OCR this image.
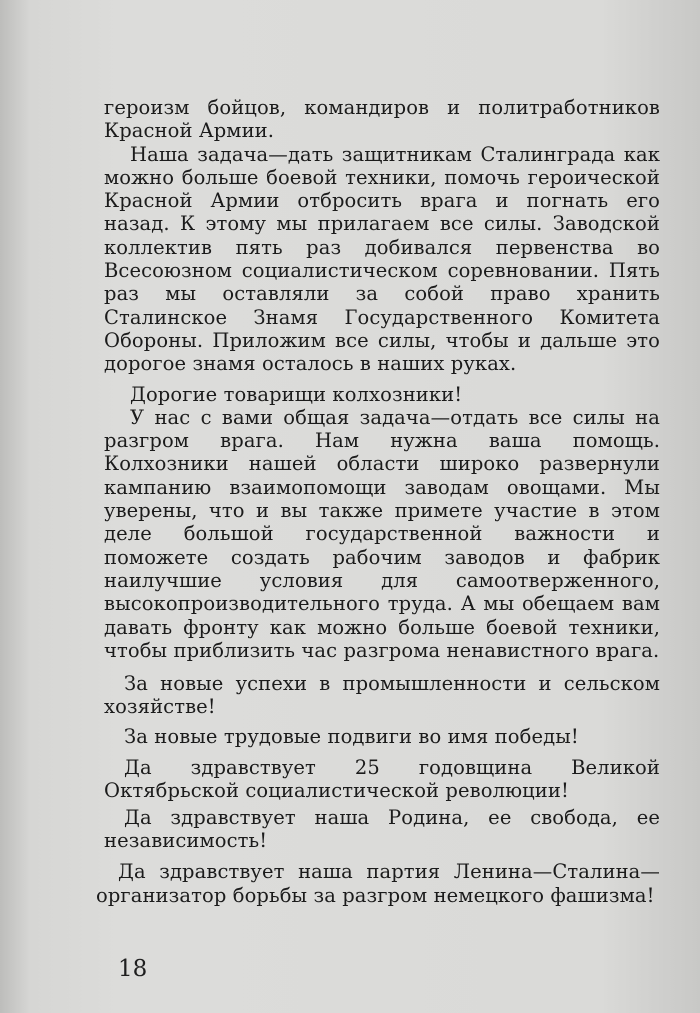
героизм бойцов, командиров и политработников Красной Армии.

Наша задача—дать защитникам Сталинграда как можно больше боевой техники, помочь героической Красной Армии отбросить врага и погнать его назад. К этому мы прилагаем все силы. Заводской коллектив пять раз добивался первенства во Всесоюзном социалистическом соревновании. Пять раз мы оставляли за собой право хранить Сталинское Знамя Государственного Комитета Обороны. Приложим все силы, чтобы и дальше это дорогое знамя осталось в наших руках.

Дорогие товарищи колхозники!

У нас с вами общая задача—отдать все силы на разгром врага. Нам нужна ваша помощь. Колхозники нашей области широко развернули кампанию взаимопомощи заводам овощами. Мы уверены, что и вы также примете участие в этом деле большой государственной важности и поможете создать рабочим заводов и фабрик наилучшие условия для самоотверженного, высокопроизводительного труда. А мы обещаем вам давать фронту как можно больше боевой техники, чтобы приблизить час разгрома ненавистного врага.

За новые успехи в промышленности и сельском хозяйстве!

За новые трудовые подвиги во имя победы!

Да здравствует 25 годовщина Великой Октябрьской социалистической революции!

Да здравствует наша Родина, ее свобода, ее независимость!

Да здравствует наша партия Ленина—Сталина—организатор борьбы за разгром немецкого фашизма!

18
